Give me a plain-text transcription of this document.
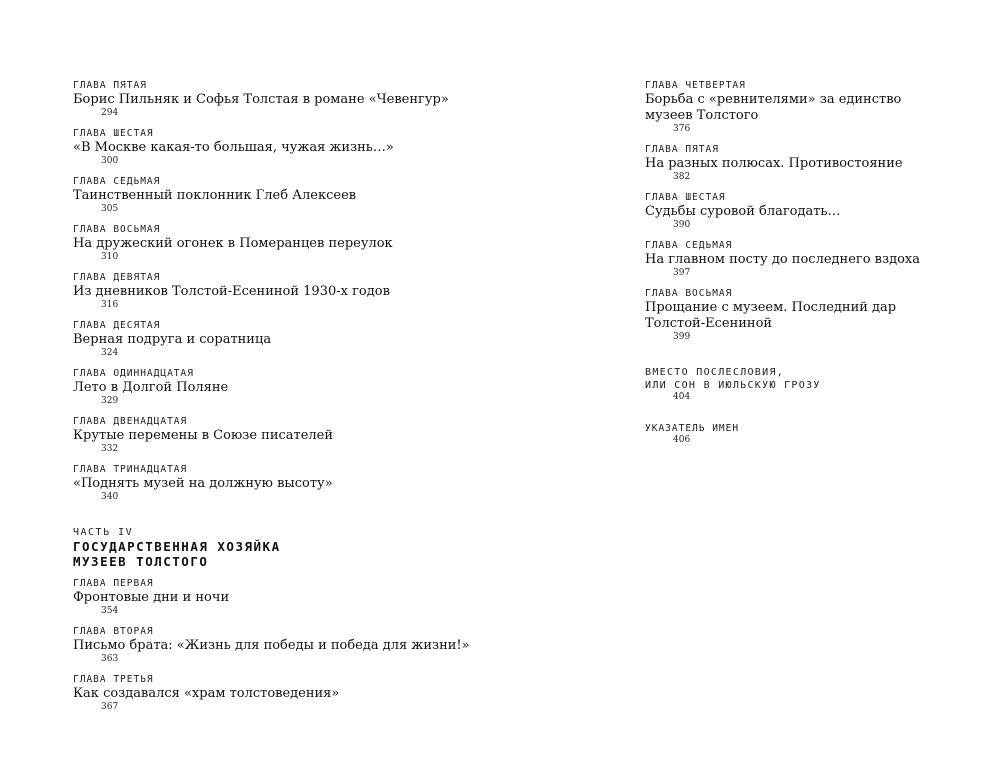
ГЛАВА ПЯТАЯ
Борис Пильняк и Софья Толстая в романе «Чевенгур»
294
ГЛАВА ШЕСТАЯ
«В Москве какая-то большая, чужая жизнь…»
300
ГЛАВА СЕДЬМАЯ
Таинственный поклонник Глеб Алексеев
305
ГЛАВА ВОСЬМАЯ
На дружеский огонек в Померанцев переулок
310
ГЛАВА ДЕВЯТАЯ
Из дневников Толстой-Есениной 1930-х годов
316
ГЛАВА ДЕСЯТАЯ
Верная подруга и соратница
324
ГЛАВА ОДИННАДЦАТАЯ
Лето в Долгой Поляне
329
ГЛАВА ДВЕНАДЦАТАЯ
Крутые перемены в Союзе писателей
332
ГЛАВА ТРИНАДЦАТАЯ
«Поднять музей на должную высоту»
340
ЧАСТЬ IV
ГОСУДАРСТВЕННАЯ ХОЗЯЙКА
МУЗЕЕВ ТОЛСТОГО
ГЛАВА ПЕРВАЯ
Фронтовые дни и ночи
354
ГЛАВА ВТОРАЯ
Письмо брата: «Жизнь для победы и победа для жизни!»
363
ГЛАВА ТРЕТЬЯ
Как создавался «храм толстоведения»
367
ГЛАВА ЧЕТВЕРТАЯ
Борьба с «ревнителями» за единство музеев Толстого
376
ГЛАВА ПЯТАЯ
На разных полюсах. Противостояние
382
ГЛАВА ШЕСТАЯ
Судьбы суровой благодать…
390
ГЛАВА СЕДЬМАЯ
На главном посту до последнего вздоха
397
ГЛАВА ВОСЬМАЯ
Прощание с музеем. Последний дар Толстой-Есениной
399
ВМЕСТО ПОСЛЕСЛОВИЯ,
ИЛИ СОН В ИЮЛЬСКУЮ ГРОЗУ
404
УКАЗАТЕЛЬ ИМЕН
406
